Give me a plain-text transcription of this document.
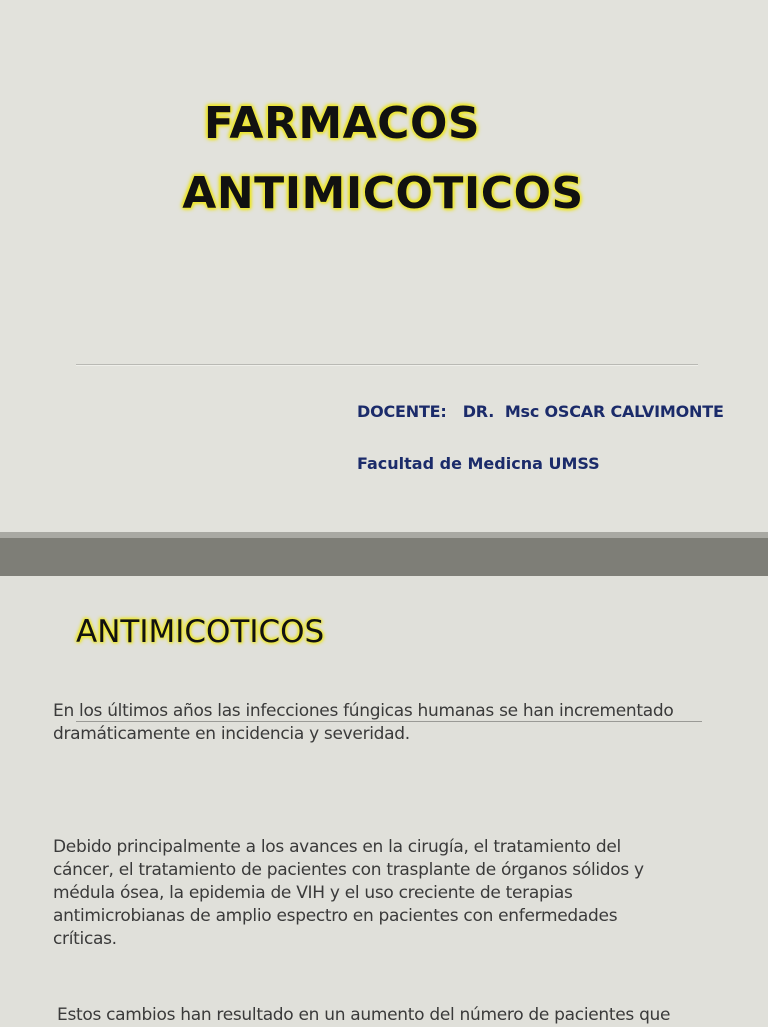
FARMACOS
ANTIMICOTICOS

DOCENTE:   DR.  Msc OSCAR CALVIMONTE

Facultad de Medicna UMSS

ANTIMICOTICOS

En los últimos años las infecciones fúngicas humanas se han incrementado
dramáticamente en incidencia y severidad.

Debido principalmente a los avances en la cirugía, el tratamiento del
cáncer, el tratamiento de pacientes con trasplante de órganos sólidos y
médula ósea, la epidemia de VIH y el uso creciente de terapias
antimicrobianas de amplio espectro en pacientes con enfermedades
críticas.

Estos cambios han resultado en un aumento del número de pacientes que
